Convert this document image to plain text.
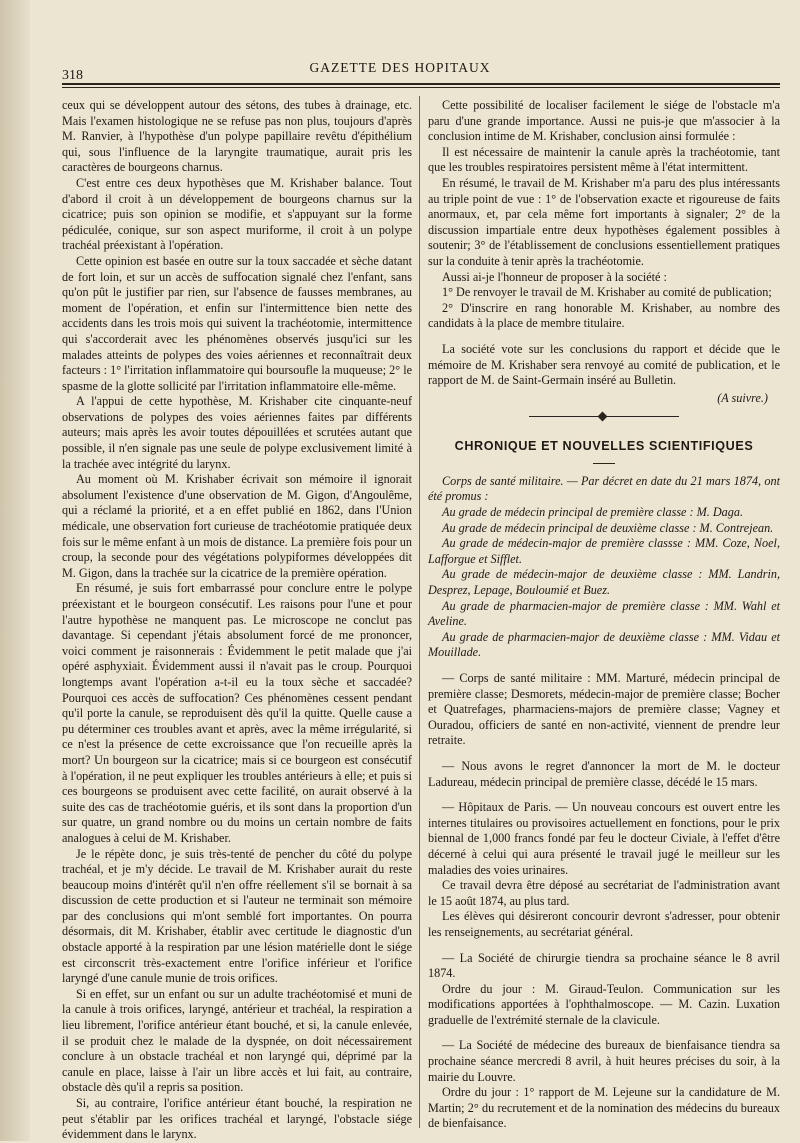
318
GAZETTE DES HOPITAUX

ceux qui se développent autour des sétons, des tubes à drainage, etc. Mais l'examen histologique ne se refuse pas non plus, toujours d'après M. Ranvier, à l'hypothèse d'un polype papillaire revêtu d'épithélium qui, sous l'influence de la laryngite traumatique, aurait pris les caractères de bourgeons charnus.

C'est entre ces deux hypothèses que M. Krishaber balance. Tout d'abord il croit à un développement de bourgeons charnus sur la cicatrice; puis son opinion se modifie, et s'appuyant sur la forme pédiculée, conique, sur son aspect muriforme, il croit à un polype trachéal préexistant à l'opération.

Cette opinion est basée en outre sur la toux saccadée et sèche datant de fort loin, et sur un accès de suffocation signalé chez l'enfant, sans qu'on pût le justifier par rien, sur l'absence de fausses membranes, au moment de l'opération, et enfin sur l'intermittence bien nette des accidents dans les trois mois qui suivent la trachéotomie, intermittence qui s'accorderait avec les phénomènes observés jusqu'ici sur les malades atteints de polypes des voies aériennes et reconnaîtrait deux facteurs : 1° l'irritation inflammatoire qui boursoufle la muqueuse; 2° le spasme de la glotte sollicité par l'irritation inflammatoire elle-même.

A l'appui de cette hypothèse, M. Krishaber cite cinquante-neuf observations de polypes des voies aériennes faites par différents auteurs; mais après les avoir toutes dépouillées et scrutées autant que possible, il n'en signale pas une seule de polype exclusivement limité à la trachée avec intégrité du larynx.

Au moment où M. Krishaber écrivait son mémoire il ignorait absolument l'existence d'une observation de M. Gigon, d'Angoulême, qui a réclamé la priorité, et a en effet publié en 1862, dans l'Union médicale, une observation fort curieuse de trachéotomie pratiquée deux fois sur le même enfant à un mois de distance. La première fois pour un croup, la seconde pour des végétations polypiformes développées dit M. Gigon, dans la trachée sur la cicatrice de la première opération.

En résumé, je suis fort embarrassé pour conclure entre le polype préexistant et le bourgeon consécutif. Les raisons pour l'une et pour l'autre hypothèse ne manquent pas. Le microscope ne conclut pas davantage. Si cependant j'étais absolument forcé de me prononcer, voici comment je raisonnerais : Évidemment le petit malade que j'ai opéré asphyxiait. Évidemment aussi il n'avait pas le croup. Pourquoi longtemps avant l'opération a-t-il eu la toux sèche et saccadée? Pourquoi ces accès de suffocation? Ces phénomènes cessent pendant qu'il porte la canule, se reproduisent dès qu'il la quitte. Quelle cause a pu déterminer ces troubles avant et après, avec la même irrégularité, si ce n'est la présence de cette excroissance que l'on recueille après la mort? Un bourgeon sur la cicatrice; mais si ce bourgeon est consécutif à l'opération, il ne peut expliquer les troubles antérieurs à elle; et puis si ces bourgeons se produisent avec cette facilité, on aurait observé à la suite des cas de trachéotomie guéris, et ils sont dans la proportion d'un sur quatre, un grand nombre ou du moins un certain nombre de faits analogues à celui de M. Krishaber.

Je le répète donc, je suis très-tenté de pencher du côté du polype trachéal, et je m'y décide. Le travail de M. Krishaber aurait du reste beaucoup moins d'intérêt qu'il n'en offre réellement s'il se bornait à sa discussion de cette production et si l'auteur ne terminait son mémoire par des conclusions qui m'ont semblé fort importantes. On pourra désormais, dit M. Krishaber, établir avec certitude le diagnostic d'un obstacle apporté à la respiration par une lésion matérielle dont le siége est circonscrit très-exactement entre l'orifice inférieur et l'orifice laryngé d'une canule munie de trois orifices.

Si en effet, sur un enfant ou sur un adulte trachéotomisé et muni de la canule à trois orifices, laryngé, antérieur et trachéal, la respiration a lieu librement, l'orifice antérieur étant bouché, et si, la canule enlevée, il se produit chez le malade de la dyspnée, on doit nécessairement conclure à un obstacle trachéal et non laryngé qui, déprimé par la canule en place, laisse à l'air un libre accès et lui fait, au contraire, obstacle dès qu'il a repris sa position.

Si, au contraire, l'orifice antérieur étant bouché, la respiration ne peut s'établir par les orifices trachéal et laryngé, l'obstacle siége évidemment dans le larynx.

Cette possibilité de localiser facilement le siége de l'obstacle m'a paru d'une grande importance. Aussi ne puis-je que m'associer à la conclusion intime de M. Krishaber, conclusion ainsi formulée :

Il est nécessaire de maintenir la canule après la trachéotomie, tant que les troubles respiratoires persistent même à l'état intermittent.

En résumé, le travail de M. Krishaber m'a paru des plus intéressants au triple point de vue : 1° de l'observation exacte et rigoureuse de faits anormaux, et, par cela même fort importants à signaler; 2° de la discussion impartiale entre deux hypothèses également possibles à soutenir; 3° de l'établissement de conclusions essentiellement pratiques sur la conduite à tenir après la trachéotomie.

Aussi ai-je l'honneur de proposer à la société :

1° De renvoyer le travail de M. Krishaber au comité de publication;

2° D'inscrire en rang honorable M. Krishaber, au nombre des candidats à la place de membre titulaire.

La société vote sur les conclusions du rapport et décide que le mémoire de M. Krishaber sera renvoyé au comité de publication, et le rapport de M. de Saint-Germain inséré au Bulletin.

(A suivre.)
CHRONIQUE ET NOUVELLES SCIENTIFIQUES

Corps de santé militaire. — Par décret en date du 21 mars 1874, ont été promus :

Au grade de médecin principal de première classe : M. Daga.

Au grade de médecin principal de deuxième classe : M. Contrejean.

Au grade de médecin-major de première classse : MM. Coze, Noel, Lafforgue et Sifflet.

Au grade de médecin-major de deuxième classe : MM. Landrin, Desprez, Lepage, Bouloumié et Buez.

Au grade de pharmacien-major de première classe : MM. Wahl et Aveline.

Au grade de pharmacien-major de deuxième classe : MM. Vidau et Mouillade.

— Corps de santé militaire : MM. Marturé, médecin principal de première classe; Desmorets, médecin-major de première classe; Bocher et Quatrefages, pharmaciens-majors de première classe; Vagney et Ouradou, officiers de santé en non-activité, viennent de prendre leur retraite.

— Nous avons le regret d'annoncer la mort de M. le docteur Ladureau, médecin principal de première classe, décédé le 15 mars.

— Hôpitaux de Paris. — Un nouveau concours est ouvert entre les internes titulaires ou provisoires actuellement en fonctions, pour le prix biennal de 1,000 francs fondé par feu le docteur Civiale, à l'effet d'être décerné à celui qui aura présenté le travail jugé le meilleur sur les maladies des voies urinaires.

Ce travail devra être déposé au secrétariat de l'administration avant le 15 août 1874, au plus tard.

Les élèves qui désireront concourir devront s'adresser, pour obtenir les renseignements, au secrétariat général.

— La Société de chirurgie tiendra sa prochaine séance le 8 avril 1874.

Ordre du jour : M. Giraud-Teulon. Communication sur les modifications apportées à l'ophthalmoscope. — M. Cazin. Luxation graduelle de l'extrémité sternale de la clavicule.

— La Société de médecine des bureaux de bienfaisance tiendra sa prochaine séance mercredi 8 avril, à huit heures précises du soir, à la mairie du Louvre.

Ordre du jour : 1° rapport de M. Lejeune sur la candidature de M. Martin; 2° du recrutement et de la nomination des médecins du bureaux de bienfaisance.
